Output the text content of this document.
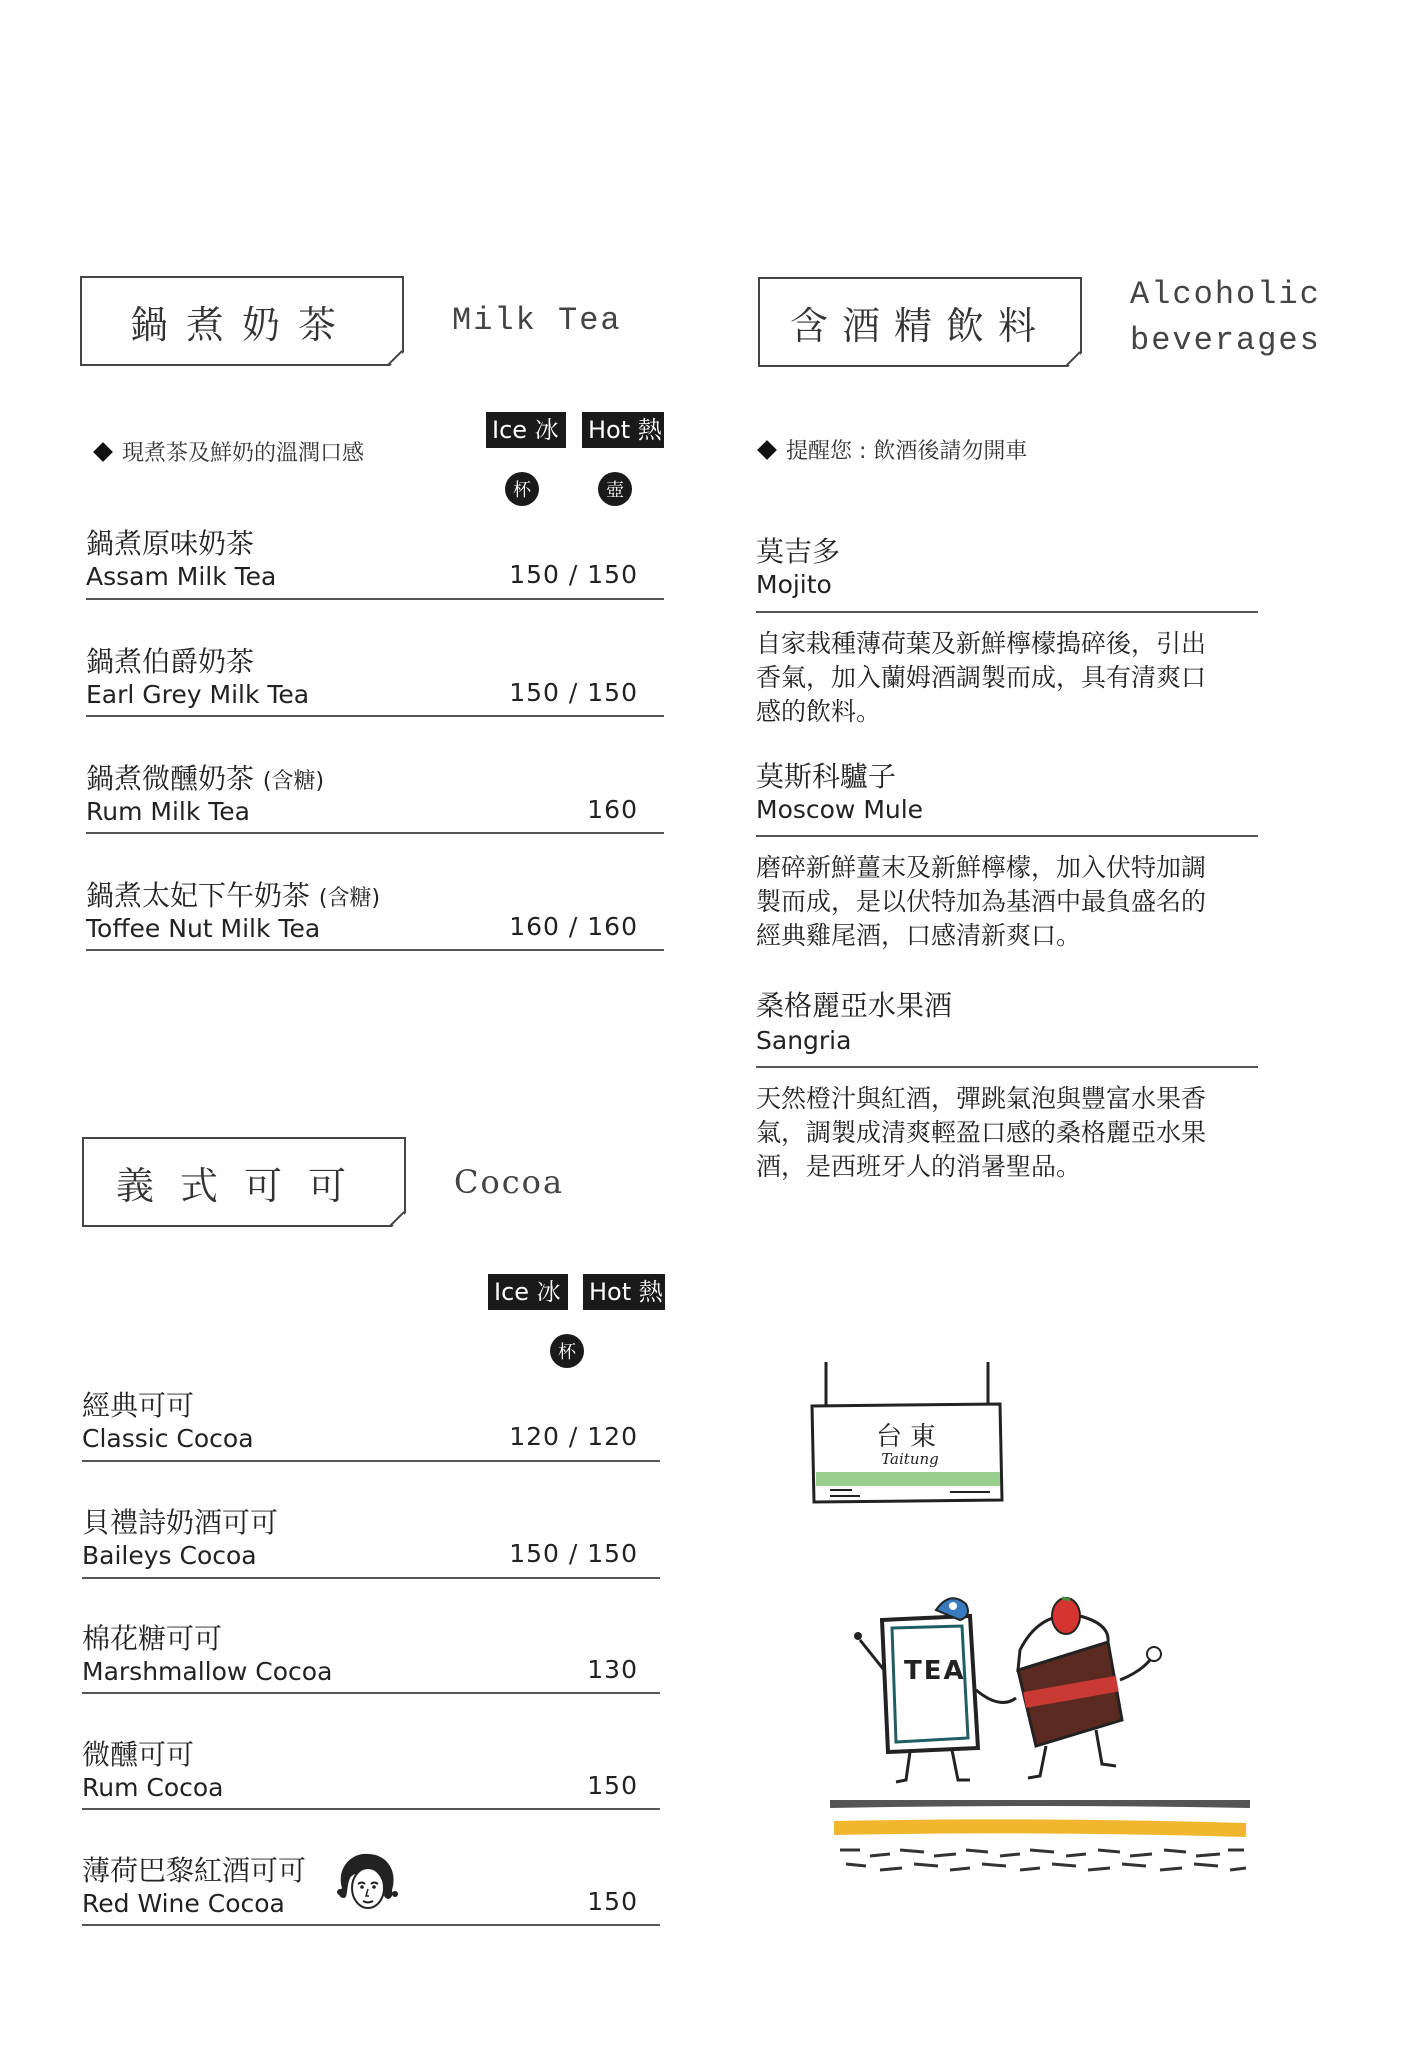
鍋煮奶茶	Milk Tea
現煮茶及鮮奶的溫潤口感
Ice 冰	Hot 熱
杯	壺
鍋煮原味奶茶
Assam Milk Tea	150 / 150
鍋煮伯爵奶茶
Earl Grey Milk Tea	150 / 150
鍋煮微醺奶茶 (含糖)
Rum Milk Tea	160
鍋煮太妃下午奶茶 (含糖)
Toffee Nut Milk Tea	160 / 160
義式可可	Cocoa
Ice 冰	Hot 熱
杯
經典可可
Classic Cocoa	120 / 120
貝禮詩奶酒可可
Baileys Cocoa	150 / 150
棉花糖可可
Marshmallow Cocoa	130
微醺可可
Rum Cocoa	150
薄荷巴黎紅酒可可
Red Wine Cocoa	150
含酒精飲料
Alcoholic
beverages
提醒您 : 飲酒後請勿開車
莫吉多
Mojito
自家栽種薄荷葉及新鮮檸檬搗碎後，引出
香氣，加入蘭姆酒調製而成，具有清爽口
感的飲料。
莫斯科驢子
Moscow Mule
磨碎新鮮薑末及新鮮檸檬，加入伏特加調
製而成，是以伏特加為基酒中最負盛名的
經典雞尾酒，口感清新爽口。
桑格麗亞水果酒
Sangria
天然橙汁與紅酒，彈跳氣泡與豐富水果香
氣，調製成清爽輕盈口感的桑格麗亞水果
酒，是西班牙人的消暑聖品。
台東
Taitung
TEA
